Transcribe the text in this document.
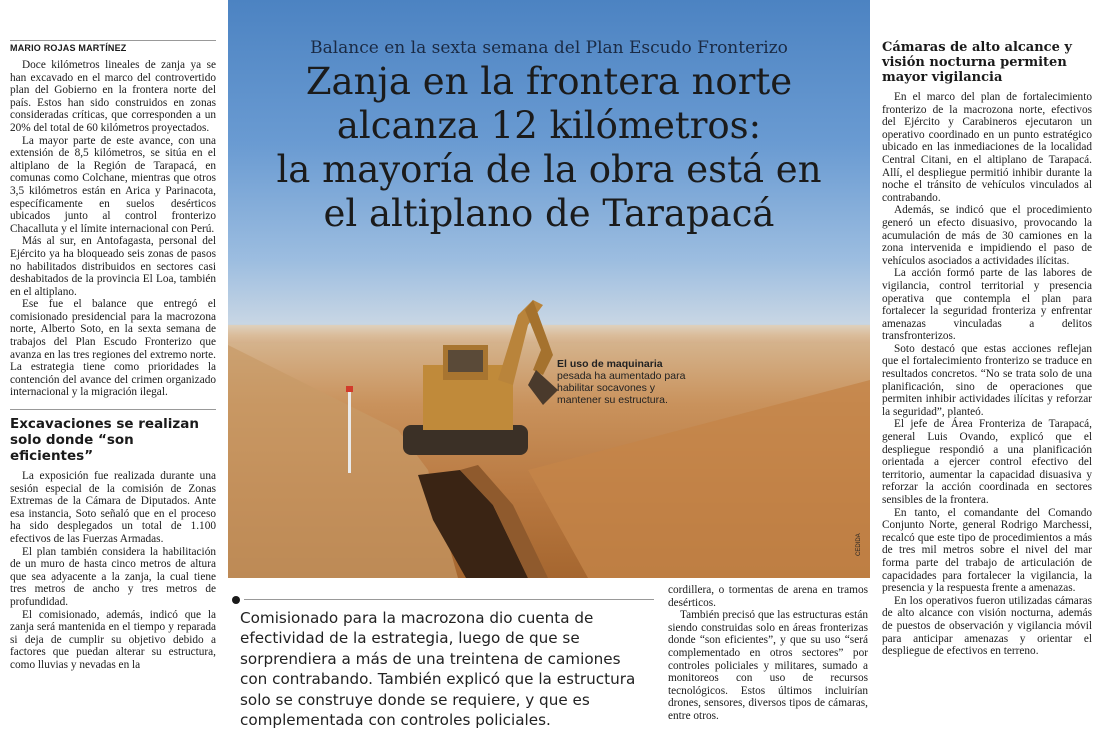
MARIO ROJAS MARTÍNEZ

Doce kilómetros lineales de zanja ya se han excavado en el marco del controvertido plan del Gobierno en la frontera norte del país. Estos han sido construidos en zonas consideradas críticas, que corresponden a un 20% del total de 60 kilómetros proyectados.

La mayor parte de este avance, con una extensión de 8,5 kilómetros, se sitúa en el altiplano de la Región de Tarapacá, en comunas como Colchane, mientras que otros 3,5 kilómetros están en Arica y Parinacota, específicamente en suelos desérticos ubicados junto al control fronterizo Chacalluta y el límite internacional con Perú.

Más al sur, en Antofagasta, personal del Ejército ya ha bloqueado seis zonas de pasos no habilitados distribuidos en sectores casi deshabitados de la provincia El Loa, también en el altiplano.

Ese fue el balance que entregó el comisionado presidencial para la macrozona norte, Alberto Soto, en la sexta semana de trabajos del Plan Escudo Fronterizo que avanza en las tres regiones del extremo norte. La estrategia tiene como prioridades la contención del avance del crimen organizado internacional y la migración ilegal.

Excavaciones se realizan solo donde “son eficientes”

La exposición fue realizada durante una sesión especial de la comisión de Zonas Extremas de la Cámara de Diputados. Ante esa instancia, Soto señaló que en el proceso ha sido desplegados un total de 1.100 efectivos de las Fuerzas Armadas.

El plan también considera la habilitación de un muro de hasta cinco metros de altura que sea adyacente a la zanja, la cual tiene tres metros de ancho y tres metros de profundidad.

El comisionado, además, indicó que la zanja será mantenida en el tiempo y reparada si deja de cumplir su objetivo debido a factores que puedan alterar su estructura, como lluvias y nevadas en la

Balance en la sexta semana del Plan Escudo Fronterizo
Zanja en la frontera norte
alcanza 12 kilómetros:
la mayoría de la obra está en
el altiplano de Tarapacá
El uso de maquinaria pesada ha aumentado para habilitar socavones y mantener su estructura.
CEDIDA

Comisionado para la macrozona dio cuenta de efectividad de la estrategia, luego de que se sorprendiera a más de una treintena de camiones con contrabando. También explicó que la estructura solo se construye donde se requiere, y que es complementada con controles policiales.

cordillera, o tormentas de arena en tramos desérticos.

También precisó que las estructuras están siendo construidas solo en áreas fronterizas donde “son eficientes”, y que su uso “será complementado en otros sectores” por controles policiales y militares, sumado a monitoreos con uso de recursos tecnológicos. Estos últimos incluirían drones, sensores, diversos tipos de cámaras, entre otros.

Cámaras de alto alcance y visión nocturna permiten mayor vigilancia

En el marco del plan de fortalecimiento fronterizo de la macrozona norte, efectivos del Ejército y Carabineros ejecutaron un operativo coordinado en un punto estratégico ubicado en las inmediaciones de la localidad Central Citani, en el altiplano de Tarapacá. Allí, el despliegue permitió inhibir durante la noche el tránsito de vehículos vinculados al contrabando.

Además, se indicó que el procedimiento generó un efecto disuasivo, provocando la acumulación de más de 30 camiones en la zona intervenida e impidiendo el paso de vehículos asociados a actividades ilícitas.

La acción formó parte de las labores de vigilancia, control territorial y presencia operativa que contempla el plan para fortalecer la seguridad fronteriza y enfrentar amenazas vinculadas a delitos transfronterizos.

Soto destacó que estas acciones reflejan que el fortalecimiento fronterizo se traduce en resultados concretos. “No se trata solo de una planificación, sino de operaciones que permiten inhibir actividades ilícitas y reforzar la seguridad”, planteó.

El jefe de Área Fronteriza de Tarapacá, general Luis Ovando, explicó que el despliegue respondió a una planificación orientada a ejercer control efectivo del territorio, aumentar la capacidad disuasiva y reforzar la acción coordinada en sectores sensibles de la frontera.

En tanto, el comandante del Comando Conjunto Norte, general Rodrigo Marchessi, recalcó que este tipo de procedimientos a más de tres mil metros sobre el nivel del mar forma parte del trabajo de articulación de capacidades para fortalecer la vigilancia, la presencia y la respuesta frente a amenazas.

En los operativos fueron utilizadas cámaras de alto alcance con visión nocturna, además de puestos de observación y vigilancia móvil para anticipar amenazas y orientar el despliegue de efectivos en terreno.
